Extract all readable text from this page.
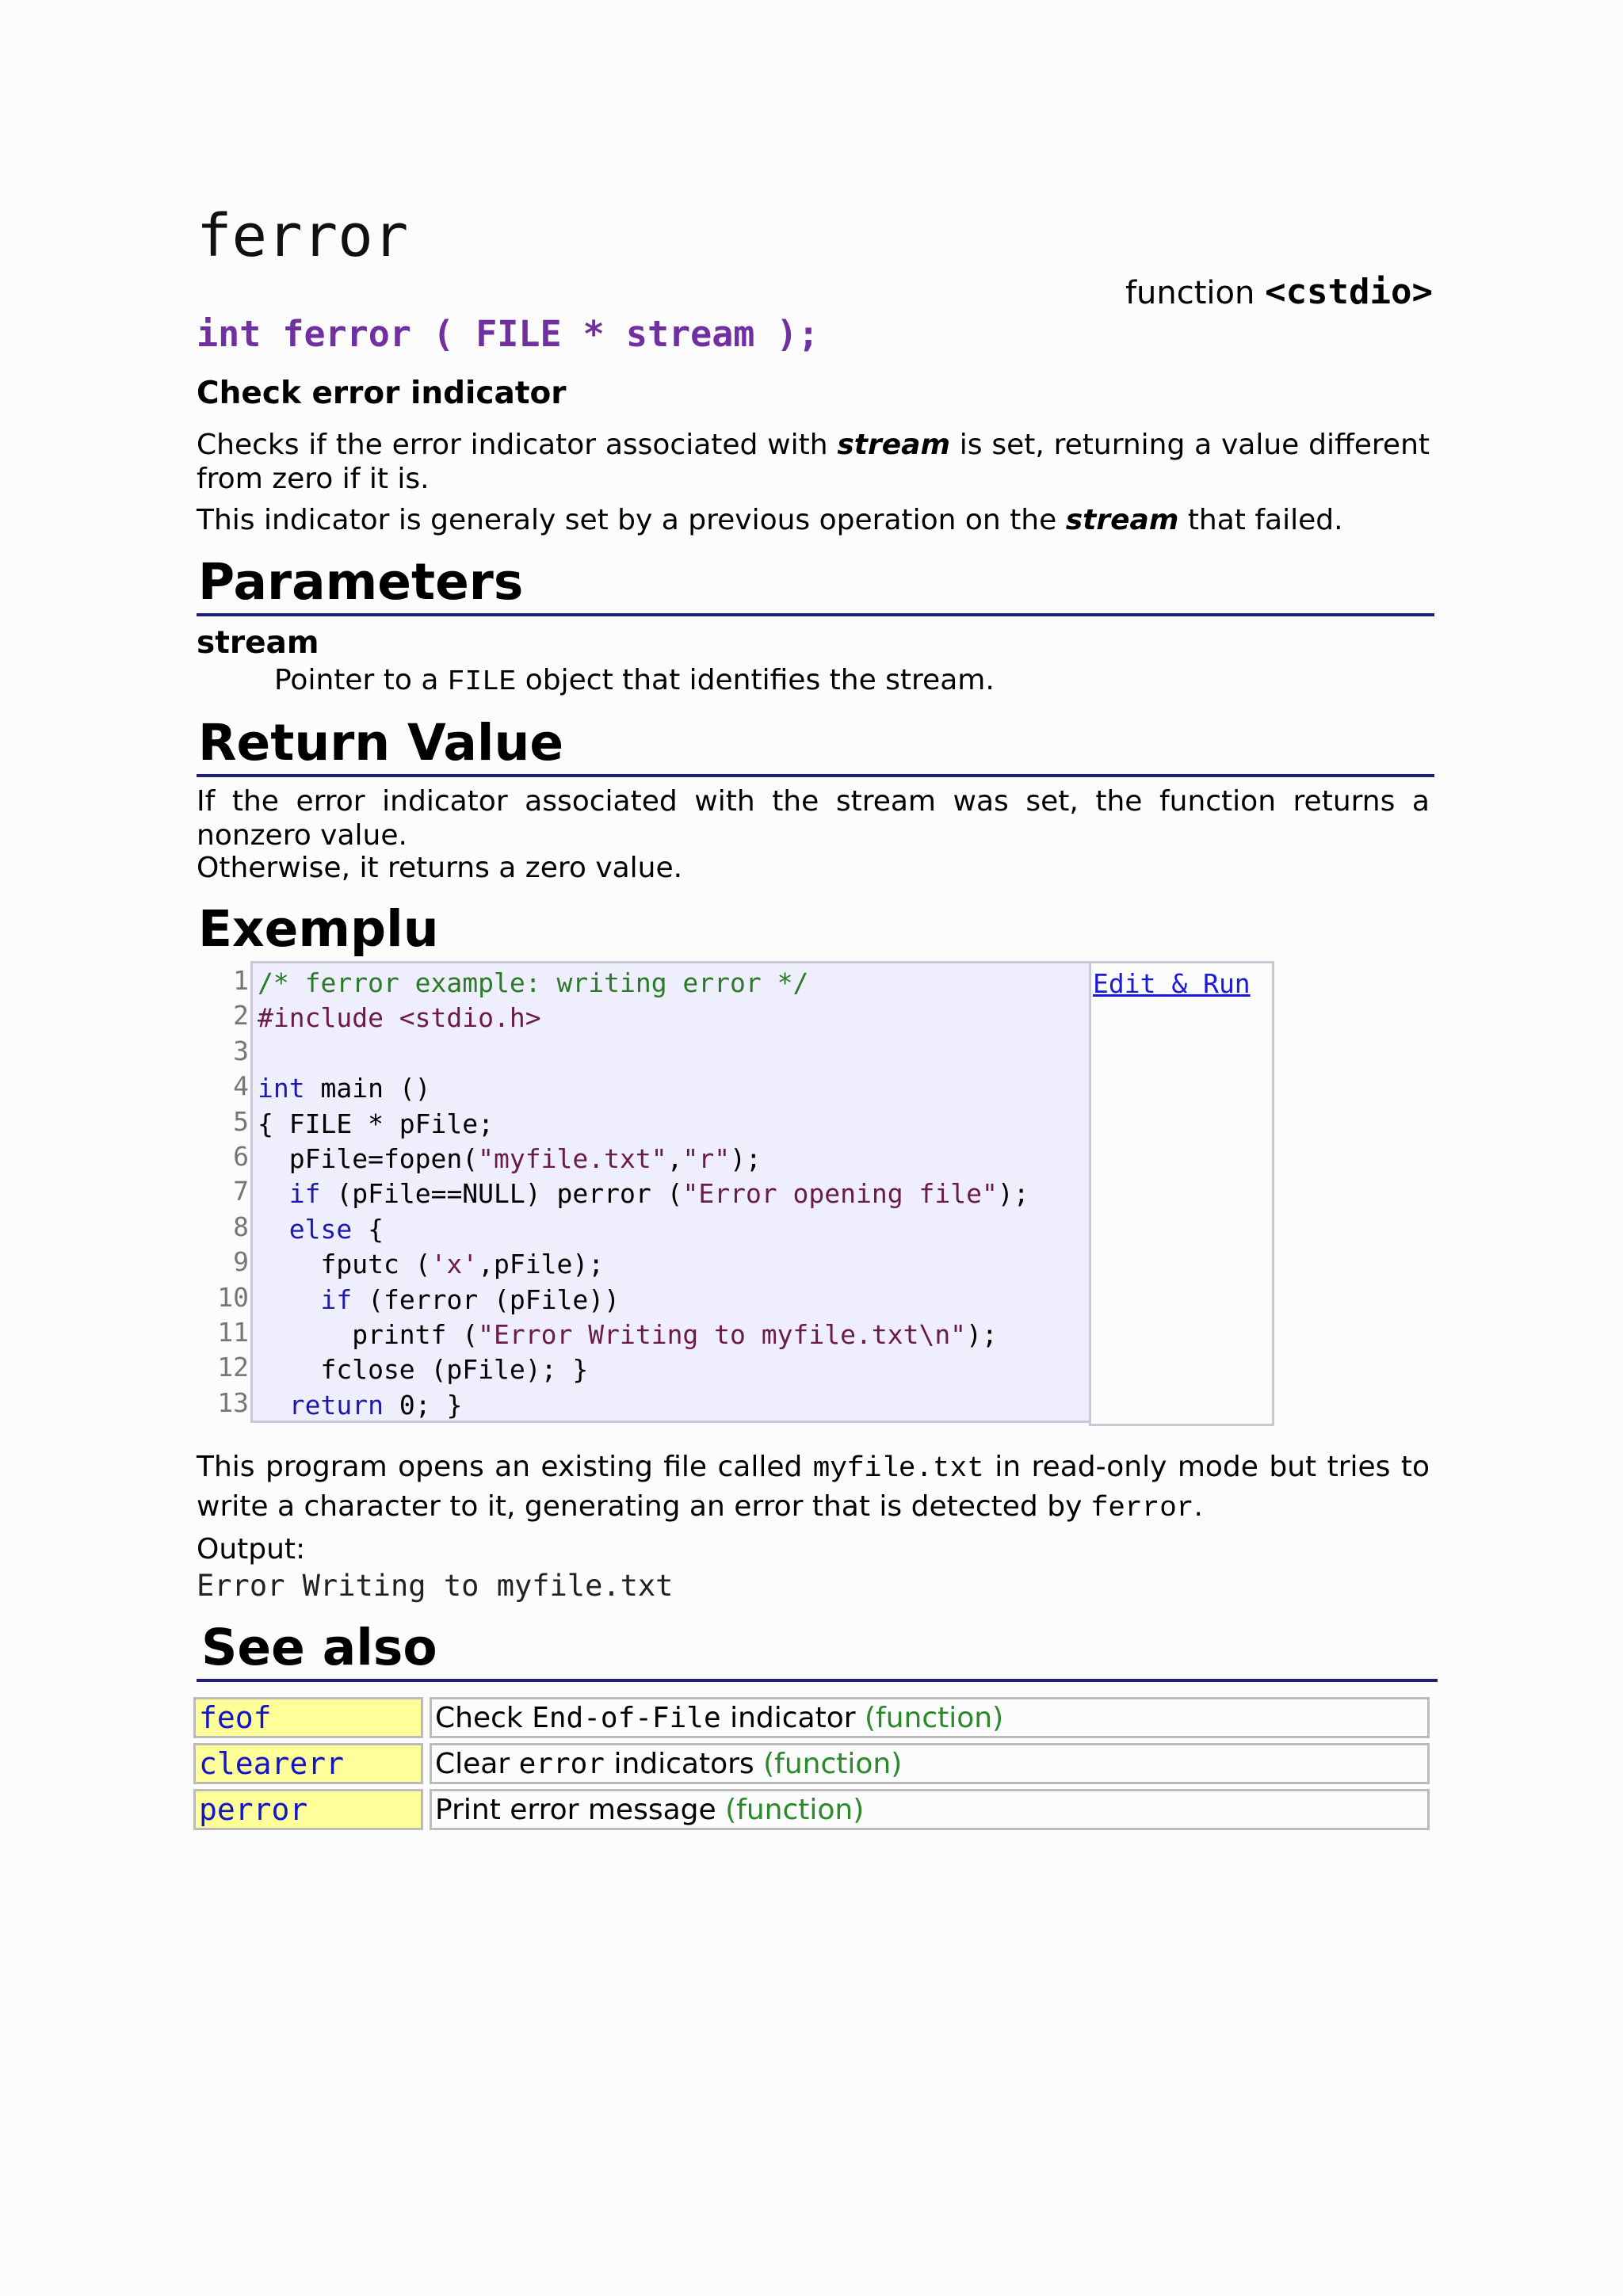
ferror
function <cstdio>
int ferror ( FILE * stream );
Check error indicator
Checks if the error indicator associated with stream is set, returning a value different from zero if it is.
This indicator is generaly set by a previous operation on the stream that failed.
Parameters
stream
Pointer to a FILE object that identifies the stream.
Return Value
If the error indicator associated with the stream was set, the function returns a nonzero value.
Otherwise, it returns a zero value.
Exemplu
1
2
3
4
5
6
7
8
9
10
11
12
13
/* ferror example: writing error */
#include <stdio.h>

int main ()
{ FILE * pFile;
pFile=fopen("myfile.txt","r");
if (pFile==NULL) perror ("Error opening file");
else {
fputc ('x',pFile);
if (ferror (pFile))
printf ("Error Writing to myfile.txt\n");
fclose (pFile); }
return 0; }
Edit & Run
This program opens an existing file called myfile.txt in read-only mode but tries to write a character to it, generating an error that is detected by ferror.
Output:
Error Writing to myfile.txt
See also
feof		Check End-of-File indicator (function)
clearerr		Clear error indicators (function)
perror		Print error message (function)
